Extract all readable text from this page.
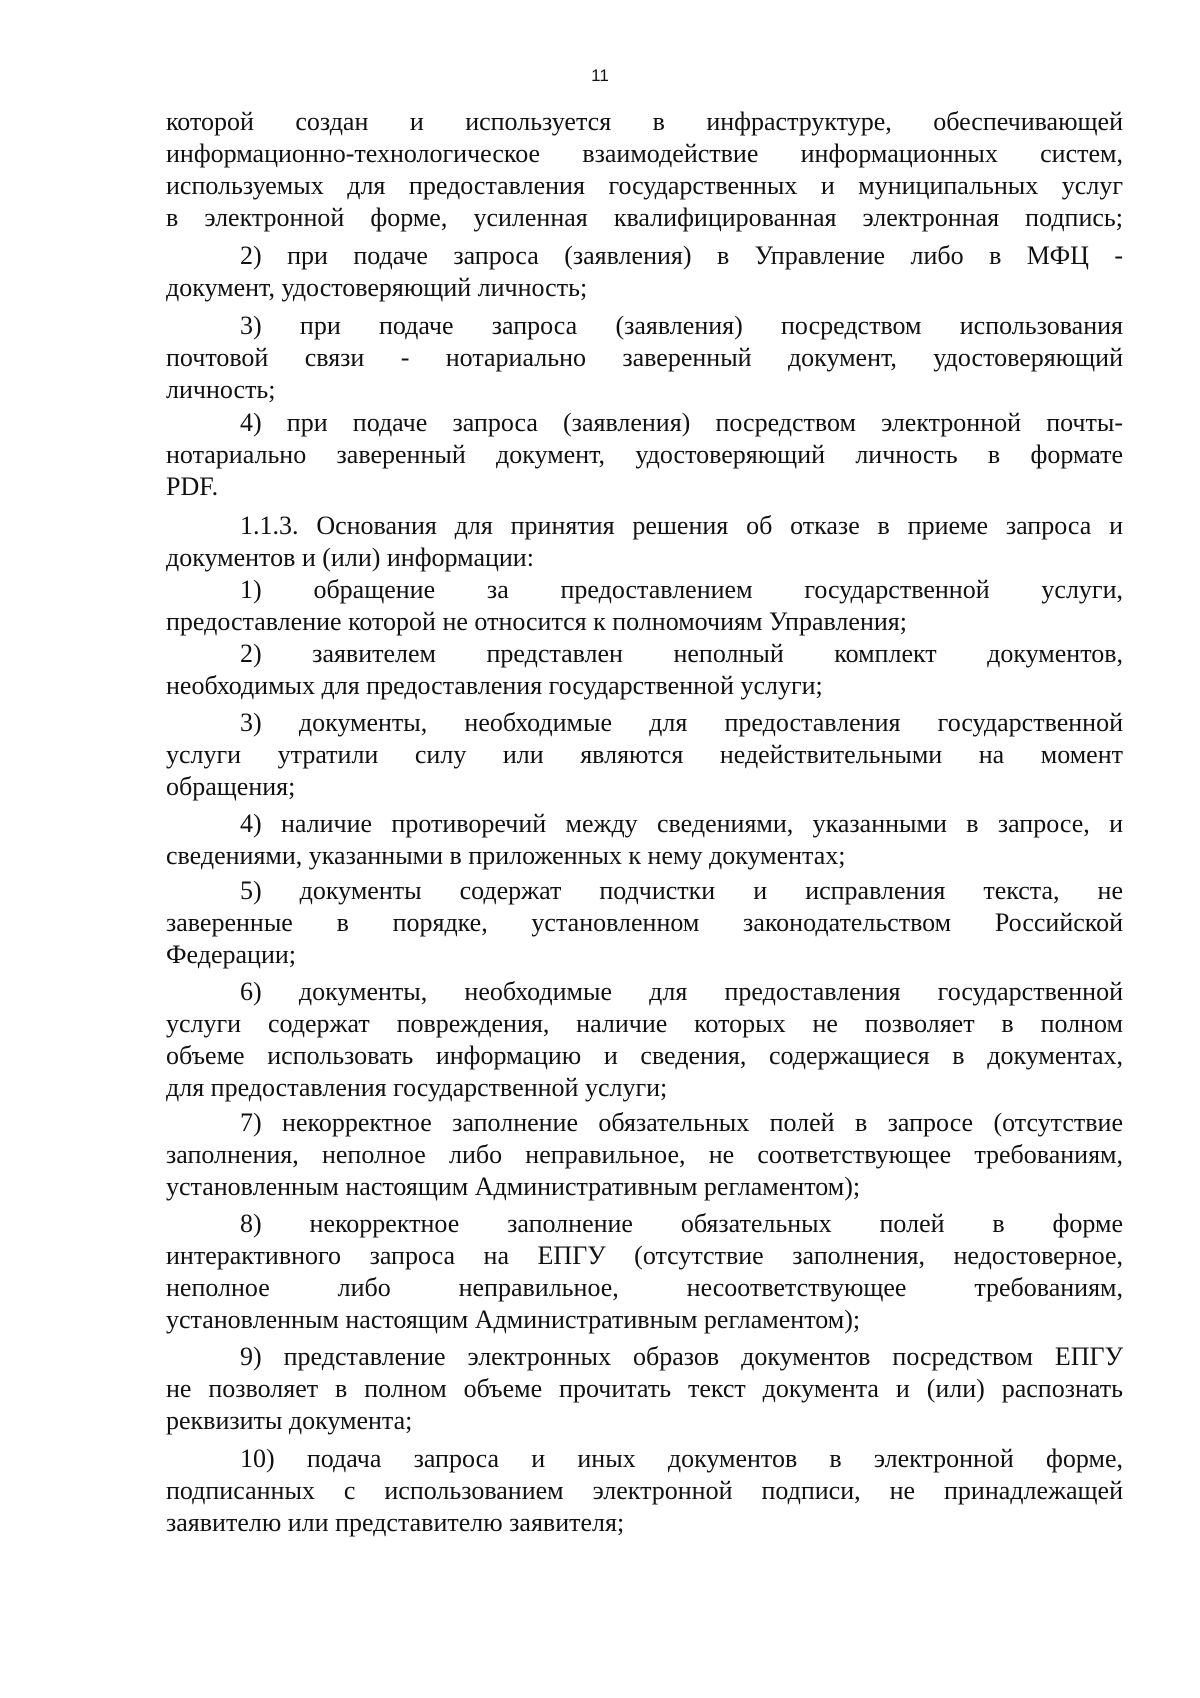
11
которой создан и используется в инфраструктуре, обеспечивающей
информационно-технологическое взаимодействие информационных систем,
используемых для предоставления государственных и муниципальных услуг
в электронной форме, усиленная квалифицированная электронная подпись;
2) при подаче запроса (заявления) в Управление либо в МФЦ -
документ, удостоверяющий личность;
3) при подаче запроса (заявления) посредством использования
почтовой связи - нотариально заверенный документ, удостоверяющий
личность;
4) при подаче запроса (заявления) посредством электронной почты-
нотариально заверенный документ, удостоверяющий личность в формате
PDF.
1.1.3. Основания для принятия решения об отказе в приеме запроса и
документов и (или) информации:
1) обращение за предоставлением государственной услуги,
предоставление которой не относится к полномочиям Управления;
2) заявителем представлен неполный комплект документов,
необходимых для предоставления государственной услуги;
3) документы, необходимые для предоставления государственной
услуги утратили силу или являются недействительными на момент
обращения;
4) наличие противоречий между сведениями, указанными в запросе, и
сведениями, указанными в приложенных к нему документах;
5) документы содержат подчистки и исправления текста, не
заверенные в порядке, установленном законодательством Российской
Федерации;
6) документы, необходимые для предоставления государственной
услуги содержат повреждения, наличие которых не позволяет в полном
объеме использовать информацию и сведения, содержащиеся в документах,
для предоставления государственной услуги;
7) некорректное заполнение обязательных полей в запросе (отсутствие
заполнения, неполное либо неправильное, не соответствующее требованиям,
установленным настоящим Административным регламентом);
8) некорректное заполнение обязательных полей в форме
интерактивного запроса на ЕПГУ (отсутствие заполнения, недостоверное,
неполное либо неправильное, несоответствующее требованиям,
установленным настоящим Административным регламентом);
9) представление электронных образов документов посредством ЕПГУ
не позволяет в полном объеме прочитать текст документа и (или) распознать
реквизиты документа;
10) подача запроса и иных документов в электронной форме,
подписанных с использованием электронной подписи, не принадлежащей
заявителю или представителю заявителя;
